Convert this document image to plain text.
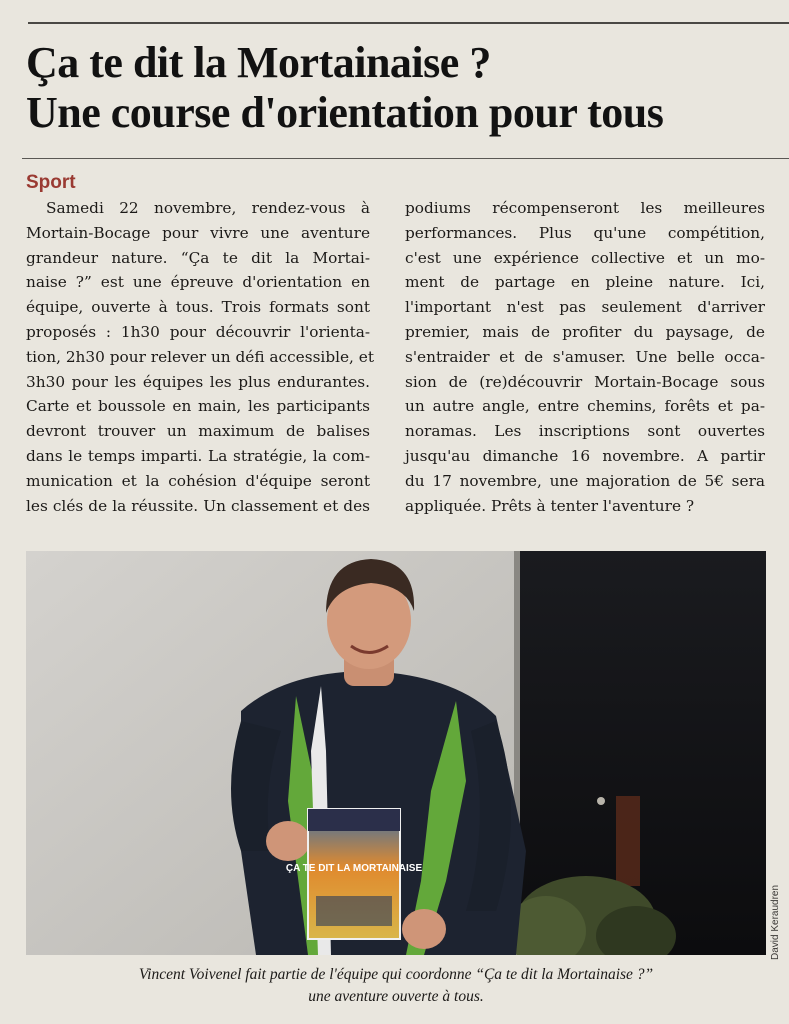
Ça te dit la Mortainaise ?
Une course d'orientation pour tous
Sport
Samedi 22 novembre, rendez-vous à
Mortain-Bocage pour vivre une aventure
grandeur nature. “Ça te dit la Mortai-
naise ?” est une épreuve d'orientation en
équipe, ouverte à tous. Trois formats sont
proposés : 1h30 pour découvrir l'orienta-
tion, 2h30 pour relever un défi accessible, et
3h30 pour les équipes les plus endurantes.
Carte et boussole en main, les participants
devront trouver un maximum de balises
dans le temps imparti. La stratégie, la com-
munication et la cohésion d'équipe seront
les clés de la réussite. Un classement et des
podiums récompenseront les meilleures
performances. Plus qu'une compétition,
c'est une expérience collective et un mo-
ment de partage en pleine nature. Ici,
l'important n'est pas seulement d'arriver
premier, mais de profiter du paysage, de
s'entraider et de s'amuser. Une belle occa-
sion de (re)découvrir Mortain-Bocage sous
un autre angle, entre chemins, forêts et pa-
noramas. Les inscriptions sont ouvertes
jusqu'au dimanche 16 novembre. A partir
du 17 novembre, une majoration de 5€ sera
appliquée. Prêts à tenter l'aventure ?
ÇA TE DIT LA MORTAINAISE
David Keraudren
Vincent Voivenel fait partie de l'équipe qui coordonne “Ça te dit la Mortainaise ?”
une aventure ouverte à tous.
